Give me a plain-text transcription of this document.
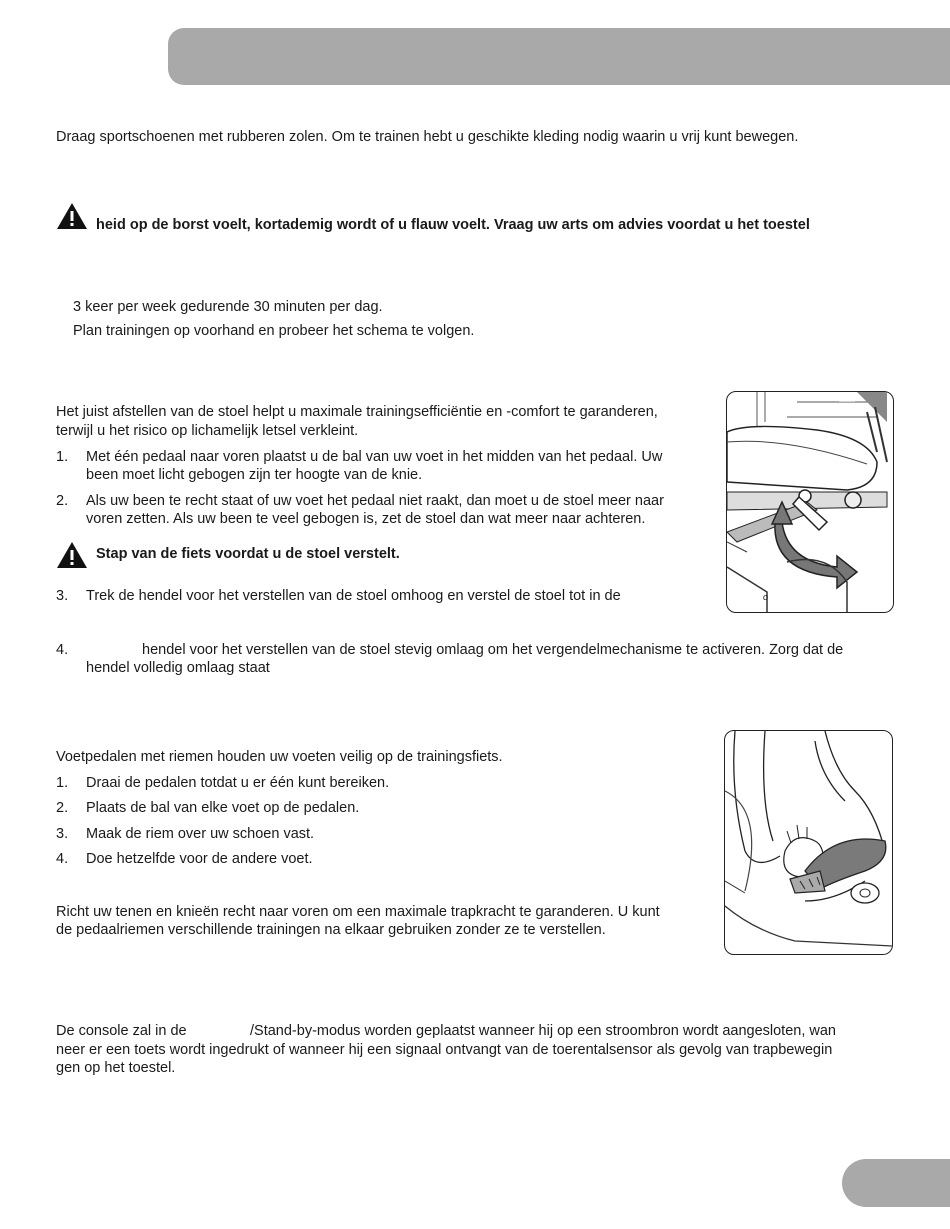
Draag sportschoenen met rubberen zolen. Om te trainen hebt u geschikte kleding nodig waarin u vrij kunt bewegen.
heid op de borst voelt, kortademig wordt of u flauw voelt. Vraag uw arts om advies voordat u het toestel
3 keer per week gedurende 30 minuten per dag.
Plan trainingen op voorhand en probeer het schema te volgen.
Het juist afstellen van de stoel helpt u maximale trainingsefficiëntie en -comfort te garanderen,
terwijl u het risico op lichamelijk letsel verkleint.
1. Met één pedaal naar voren plaatst u de bal van uw voet in het midden van het pedaal. Uw
been moet licht gebogen zijn ter hoogte van de knie.
2. Als uw been te recht staat of uw voet het pedaal niet raakt, dan moet u de stoel meer naar
voren zetten. Als uw been te veel gebogen is, zet de stoel dan wat meer naar achteren.
Stap van de fiets voordat u de stoel verstelt.
3. Trek de hendel voor het verstellen van de stoel omhoog en verstel de stoel tot in de
4.	hendel voor het verstellen van de stoel stevig omlaag om het vergendelmechanisme te activeren. Zorg dat de
hendel volledig omlaag staat
o
Voetpedalen met riemen houden uw voeten veilig op de trainingsfiets.
1. Draai de pedalen totdat u er één kunt bereiken.
2. Plaats de bal van elke voet op de pedalen.
3. Maak de riem over uw schoen vast.
4. Doe hetzelfde voor de andere voet.
Richt uw tenen en knieën recht naar voren om een maximale trapkracht te garanderen. U kunt
de pedaalriemen verschillende trainingen na elkaar gebruiken zonder ze te verstellen.
De console zal in de	/Stand-by-modus worden geplaatst wanneer hij op een stroombron wordt aangesloten, wan
neer er een toets wordt ingedrukt of wanneer hij een signaal ontvangt van de toerentalsensor als gevolg van trapbewegin
gen op het toestel.
